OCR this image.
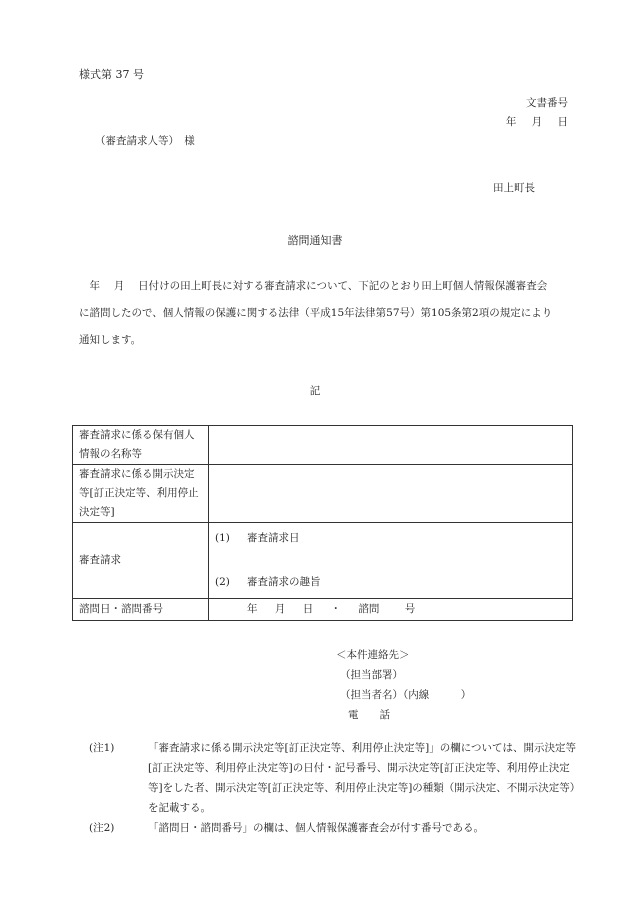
様式第 37 号
文書番号
年 月 日
（審査請求人等）　様
田上町長
諮問通知書

　年　 月　 日付けの田上町長に対する審査請求について、下記のとおり田上町個人情報保護審査会

に諮問したので、個人情報の保護に関する法律（平成15年法律第57号）第105条第2項の規定により

通知します。

記
審査請求に係る保有個人情報の名称等	
審査請求に係る開示決定等[訂正決定等、利用停止決定等]	
審査請求	(1) 審査請求日
(2) 審査請求の趣旨

諮問日・諮問番号	年 月 日 ・ 諮問 号
＜本件連絡先＞
（担当部署）
（担当者名）（内線　　　）
電　　話
(注1)	「審査請求に係る開示決定等[訂正決定等、利用停止決定等]」の欄については、開示決定等[訂正決定等、利用停止決定等]の日付・記号番号、開示決定等[訂正決定等、利用停止決定等]をした者、開示決定等[訂正決定等、利用停止決定等]の種類（開示決定、不開示決定等）を記載する。
(注2)	「諮問日・諮問番号」の欄は、個人情報保護審査会が付す番号である。
